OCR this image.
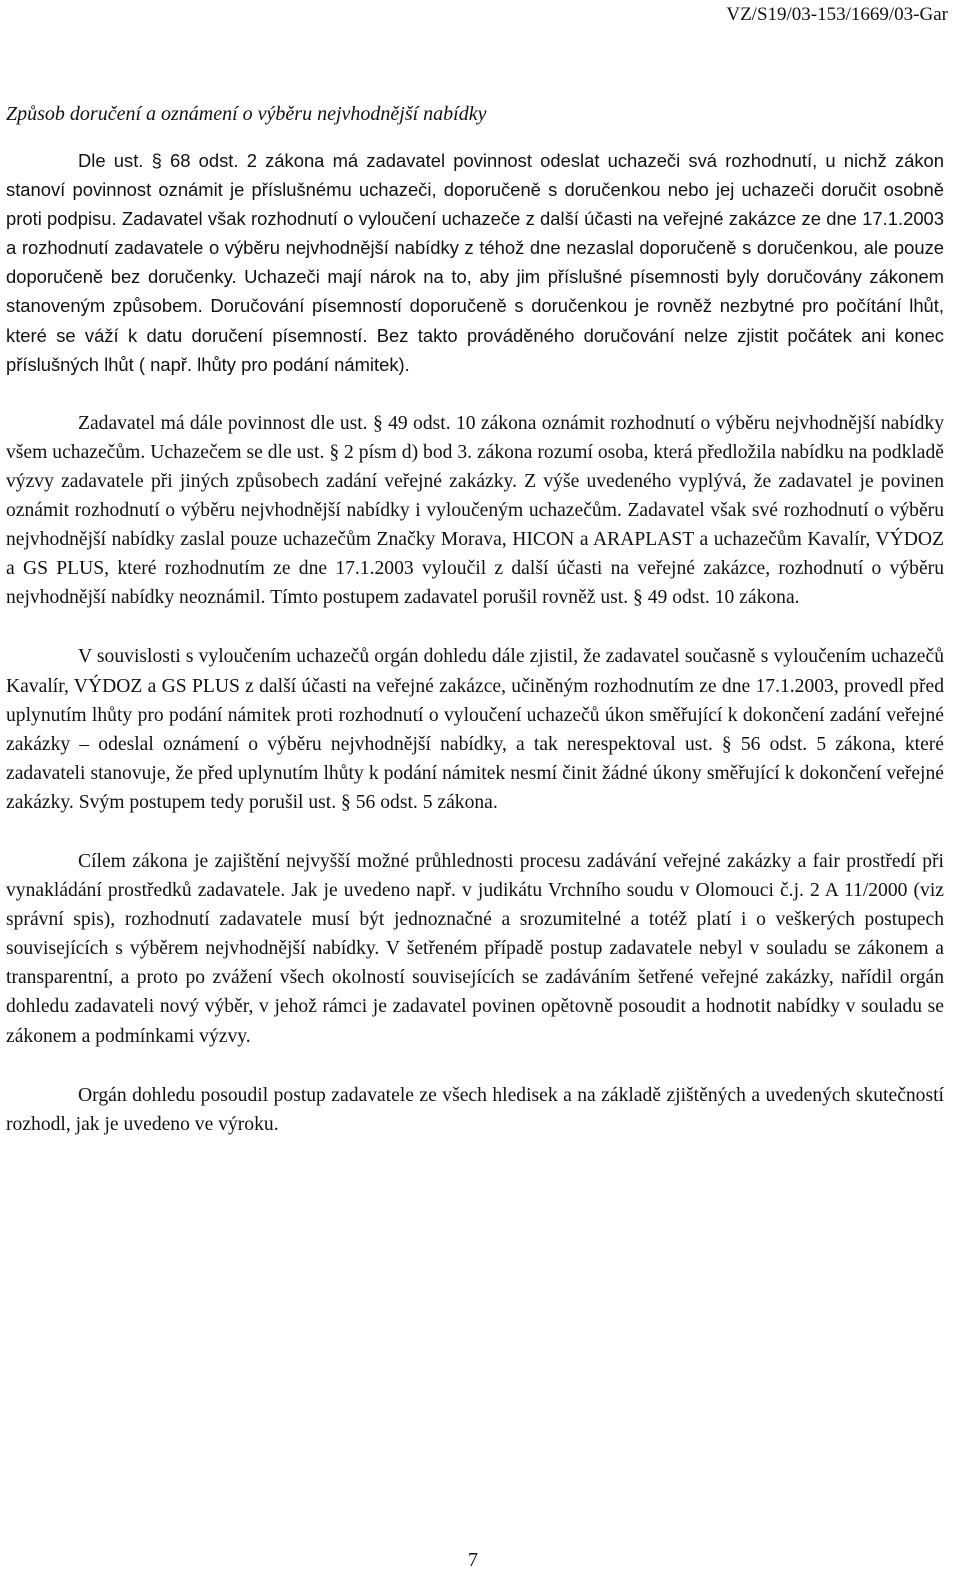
VZ/S19/03-153/1669/03-Gar
Způsob doručení a oznámení o výběru nejvhodnější nabídky

Dle ust. § 68 odst. 2 zákona má zadavatel povinnost odeslat uchazeči svá rozhodnutí, u nichž zákon stanoví povinnost oznámit je příslušnému uchazeči, doporučeně s doručenkou nebo jej uchazeči doručit osobně proti podpisu. Zadavatel však rozhodnutí o vyloučení uchazeče z další účasti na veřejné zakázce ze dne 17.1.2003 a rozhodnutí zadavatele o výběru nejvhodnější nabídky z téhož dne nezaslal doporučeně s doručenkou, ale pouze doporučeně bez doručenky. Uchazeči mají nárok na to, aby jim příslušné písemnosti byly doručovány zákonem stanoveným způsobem. Doručování písemností doporučeně s doručenkou je rovněž nezbytné pro počítání lhůt, které se váží k datu doručení písemností. Bez takto prováděného doručování nelze zjistit počátek ani konec příslušných lhůt ( např. lhůty pro podání námitek).

Zadavatel má dále povinnost dle ust. § 49 odst. 10 zákona oznámit rozhodnutí o výběru nejvhodnější nabídky všem uchazečům. Uchazečem se dle ust. § 2 písm d) bod 3. zákona rozumí osoba, která předložila nabídku na podkladě výzvy zadavatele při jiných způsobech zadání veřejné zakázky. Z výše uvedeného vyplývá, že zadavatel je povinen oznámit rozhodnutí o výběru nejvhodnější nabídky i vyloučeným uchazečům. Zadavatel však své rozhodnutí o výběru nejvhodnější nabídky zaslal pouze uchazečům Značky Morava, HICON a ARAPLAST a uchazečům Kavalír, VÝDOZ a GS PLUS, které rozhodnutím ze dne 17.1.2003 vyloučil z další účasti na veřejné zakázce, rozhodnutí o výběru nejvhodnější nabídky neoznámil. Tímto postupem zadavatel porušil rovněž ust. § 49 odst. 10 zákona.

V souvislosti s vyloučením uchazečů orgán dohledu dále zjistil, že zadavatel současně s vyloučením uchazečů Kavalír, VÝDOZ a GS PLUS z další účasti na veřejné zakázce, učiněným rozhodnutím ze dne 17.1.2003, provedl před uplynutím lhůty pro podání námitek proti rozhodnutí o vyloučení uchazečů úkon směřující k dokončení zadání veřejné zakázky – odeslal oznámení o výběru nejvhodnější nabídky, a tak nerespektoval ust. § 56 odst. 5 zákona, které zadavateli stanovuje, že před uplynutím lhůty k podání námitek nesmí činit žádné úkony směřující k dokončení veřejné zakázky. Svým postupem tedy porušil ust. § 56 odst. 5 zákona.

Cílem zákona je zajištění nejvyšší možné průhlednosti procesu zadávání veřejné zakázky a fair prostředí při vynakládání prostředků zadavatele. Jak je uvedeno např. v judikátu Vrchního soudu v Olomouci č.j. 2 A 11/2000 (viz správní spis), rozhodnutí zadavatele musí být jednoznačné a srozumitelné a totéž platí i o veškerých postupech souvisejících s výběrem nejvhodnější nabídky. V šetřeném případě postup zadavatele nebyl v souladu se zákonem a transparentní, a proto po zvážení všech okolností souvisejících se zadáváním šetřené veřejné zakázky, nařídil orgán dohledu zadavateli nový výběr, v jehož rámci je zadavatel povinen opětovně posoudit a hodnotit nabídky v souladu se zákonem a podmínkami výzvy.

Orgán dohledu posoudil postup zadavatele ze všech hledisek a na základě zjištěných a uvedených skutečností rozhodl, jak je uvedeno ve výroku.

7
